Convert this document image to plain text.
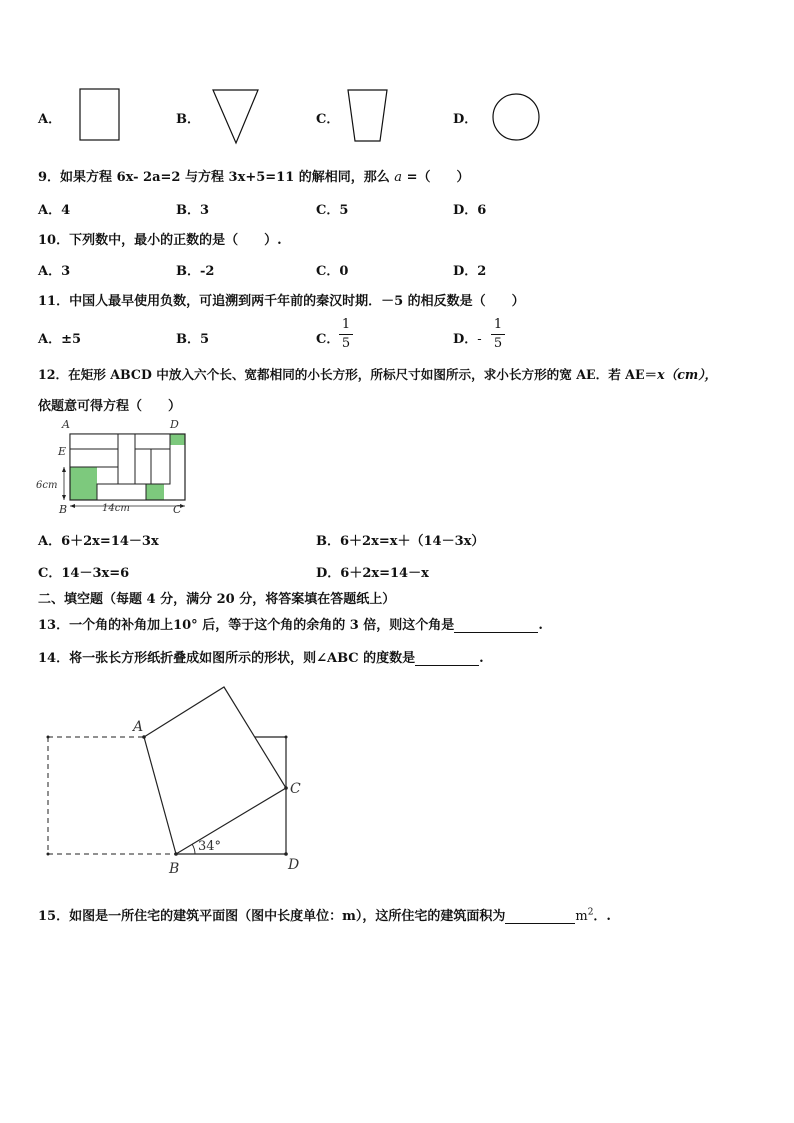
A．	B．	C．	D．
9．如果方程 6x- 2a=2 与方程 3x+5=11 的解相同，那么 a =（　　）
A．4	B．3	C．5	D．6
10．下列数中，最小的正数的是（　　）.
A．3	B．-2	C．0	D．2
11．中国人最早使用负数，可追溯到两千年前的秦汉时期．－5 的相反数是（　　）
A．±5	B．5	C．
1
5	D．-
1
5
12．在矩形 ABCD 中放入六个长、宽都相同的小长方形，所标尺寸如图所示，求小长方形的宽 AE．若 AE＝x（cm），
依题意可得方程（　　）
A	D
E
B	C
6cm
14cm
A．6＋2x=14－3x	B．6＋2x=x＋（14－3x）
C．14－3x=6	D．6＋2x=14－x
二、填空题（每题 4 分，满分 20 分，将答案填在答题纸上）
13．一个角的补角加上10° 后，等于这个角的余角的 3 倍，则这个角是	.
14．将一张长方形纸折叠成如图所示的形状，则∠ABC 的度数是	.
A
B
C
D
34°
15．如图是一所住宅的建筑平面图（图中长度单位：m），这所住宅的建筑面积为	$m^2$．.
